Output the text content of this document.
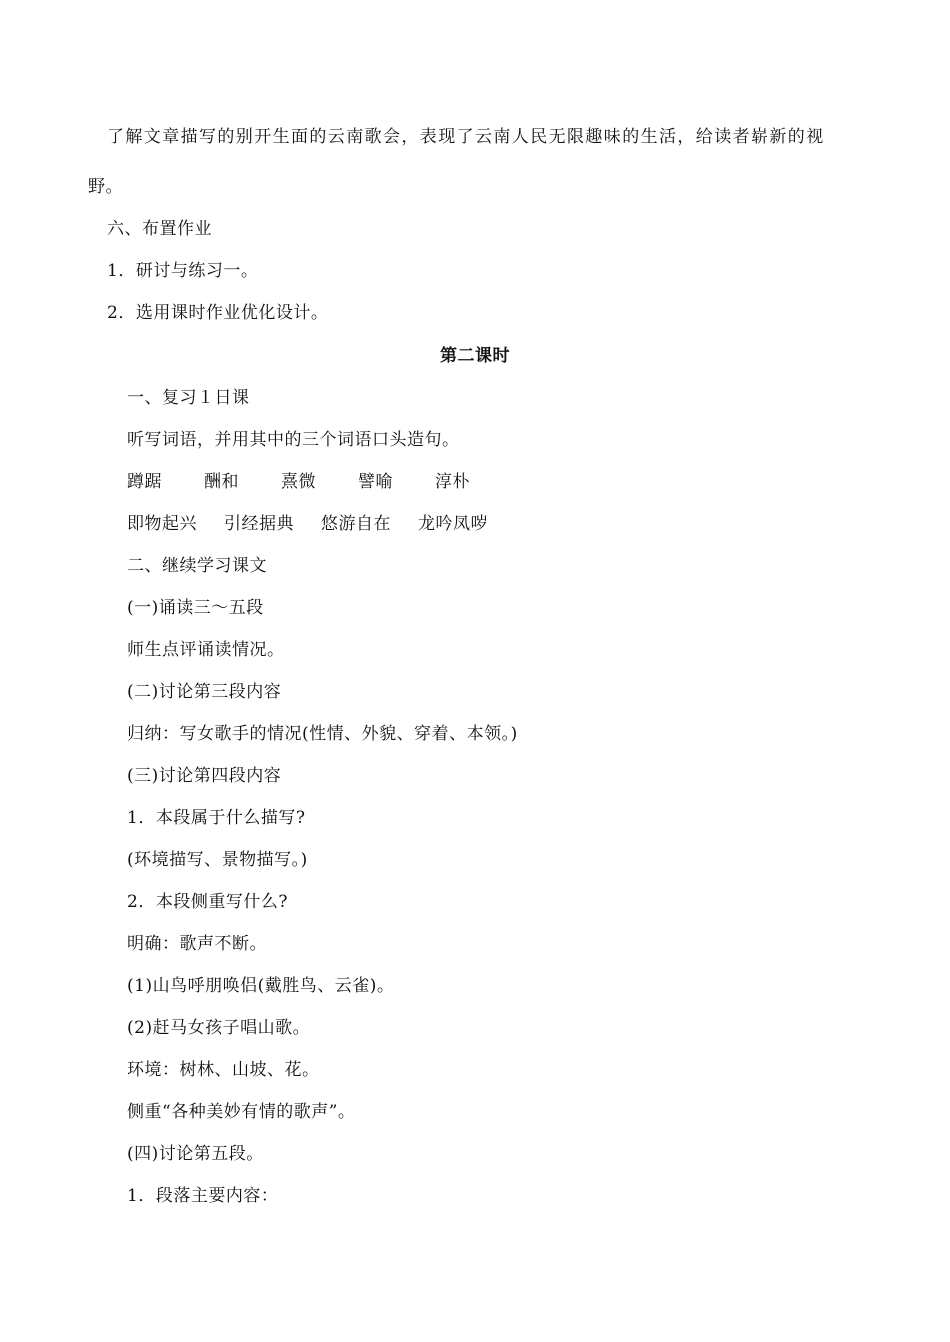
了解文章描写的别开生面的云南歌会，表现了云南人民无限趣味的生活，给读者崭新的视
野。
六、布置作业
1．研讨与练习一。
2．选用课时作业优化设计。
第二课时
一、复习１日课
听写词语，并用其中的三个词语口头造句。
蹲踞 酬和 熹微 譬喻 淳朴
即物起兴 引经据典 悠游自在 龙吟凤哕
二、继续学习课文
(一)诵读三～五段
师生点评诵读情况。
(二)讨论第三段内容
归纳：写女歌手的情况(性情、外貌、穿着、本领。)
(三)讨论第四段内容
1．本段属于什么描写?
(环境描写、景物描写。)
2．本段侧重写什么?
明确：歌声不断。
(1)山鸟呼朋唤侣(戴胜鸟、云雀)。
(2)赶马女孩子唱山歌。
环境：树林、山坡、花。
侧重“各种美妙有情的歌声”。
(四)讨论第五段。
1．段落主要内容：
